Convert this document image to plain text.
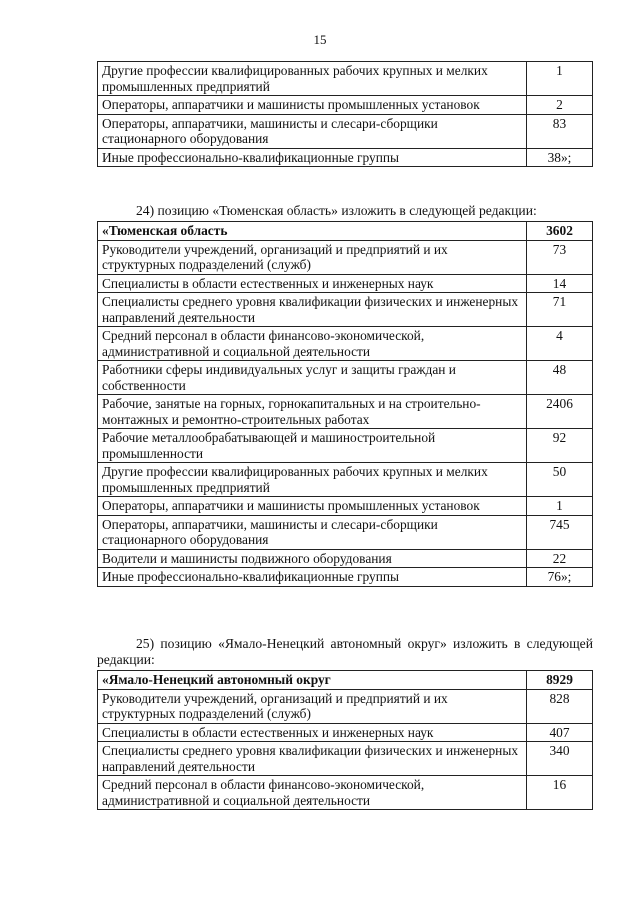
15
Другие профессии квалифицированных рабочих крупных и мелких промышленных предприятий	1
Операторы, аппаратчики и машинисты промышленных установок	2
Операторы, аппаратчики, машинисты и слесари-сборщики стационарного оборудования	83
Иные профессионально-квалификационные группы	38»;
24) позицию «Тюменская область» изложить в следующей редакции:
«Тюменская область	3602
Руководители учреждений, организаций и предприятий и их структурных подразделений (служб)	73
Специалисты в области естественных и инженерных наук	14
Специалисты среднего уровня квалификации физических и инженерных направлений деятельности	71
Средний персонал в области финансово-экономической, административной и социальной деятельности	4
Работники сферы индивидуальных услуг и защиты граждан и собственности	48
Рабочие, занятые на горных, горнокапитальных и на строительно-монтажных и ремонтно-строительных работах	2406
Рабочие металлообрабатывающей и машиностроительной промышленности	92
Другие профессии квалифицированных рабочих крупных и мелких промышленных предприятий	50
Операторы, аппаратчики и машинисты промышленных установок	1
Операторы, аппаратчики, машинисты и слесари-сборщики стационарного оборудования	745
Водители и машинисты подвижного оборудования	22
Иные профессионально-квалификационные группы	76»;
25) позицию «Ямало-Ненецкий автономный округ» изложить в следующей редакции:
«Ямало-Ненецкий автономный округ	8929
Руководители учреждений, организаций и предприятий и их структурных подразделений (служб)	828
Специалисты в области естественных и инженерных наук	407
Специалисты среднего уровня квалификации физических и инженерных направлений деятельности	340
Средний персонал в области финансово-экономической, административной и социальной деятельности	16
